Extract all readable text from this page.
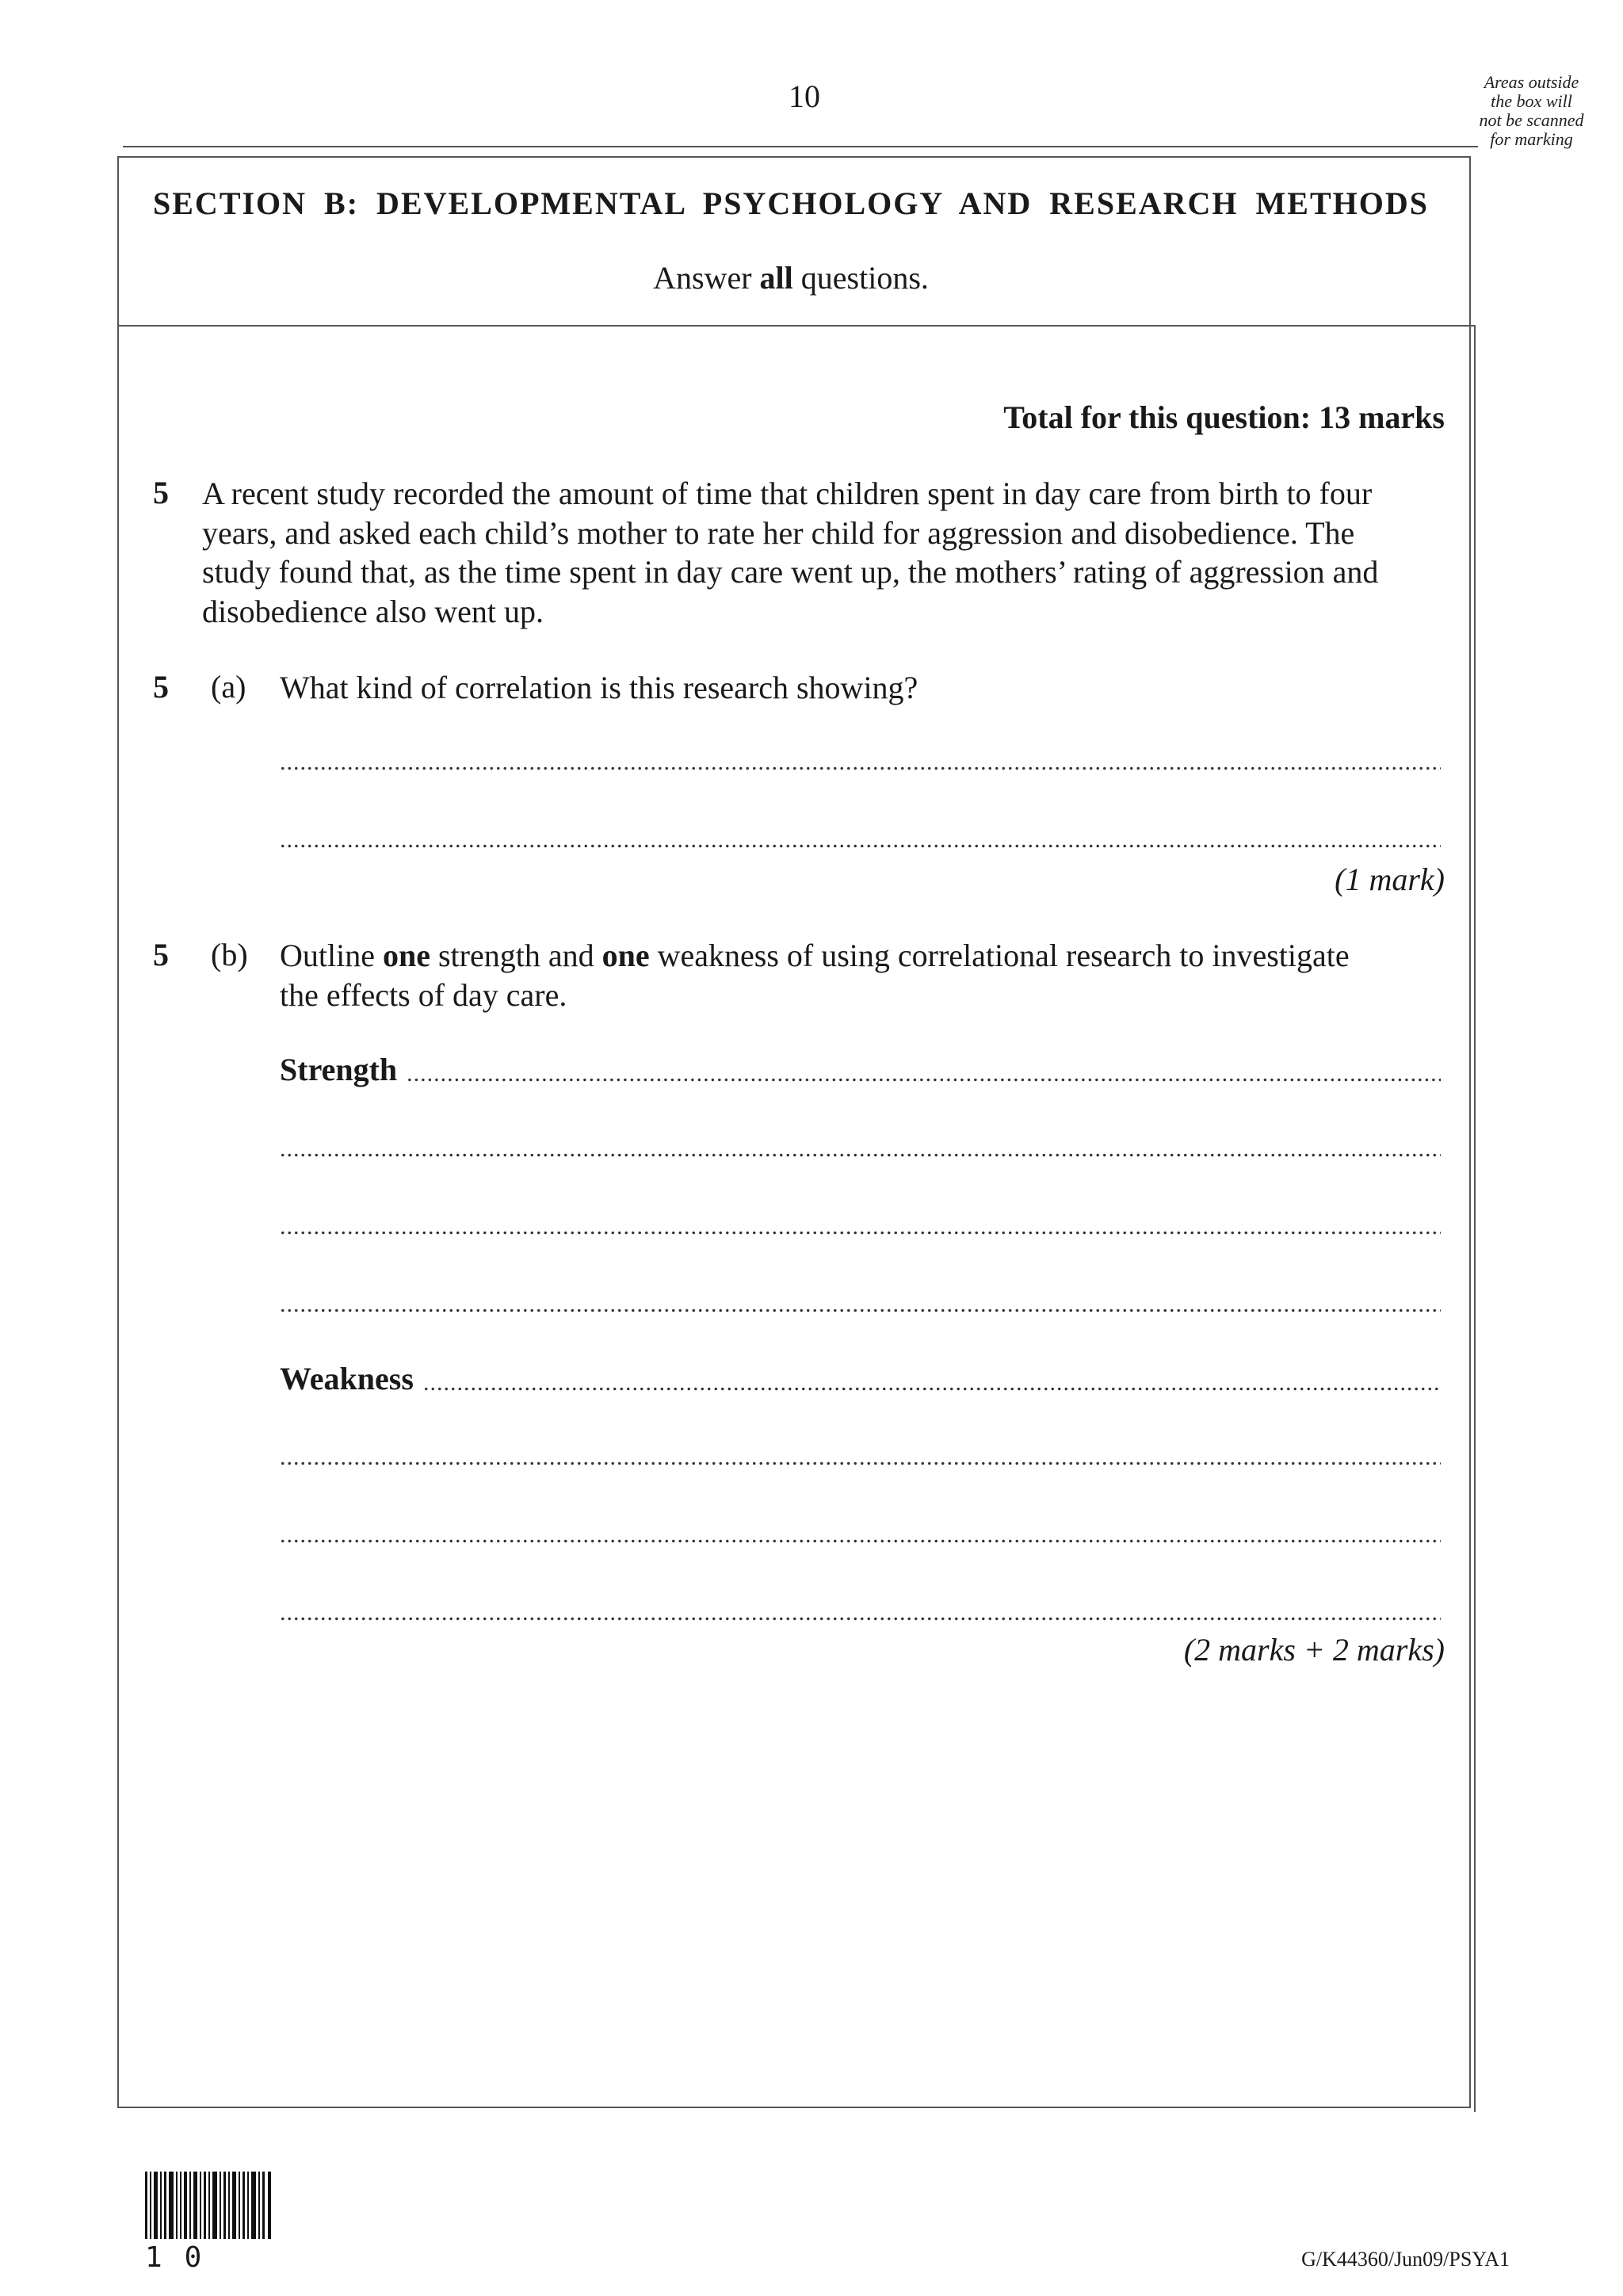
10	Areas outside
the box will
not be scanned
for marking
SECTION B: DEVELOPMENTAL PSYCHOLOGY AND RESEARCH METHODS
Answer all questions.
Total for this question: 13 marks
5 A recent study recorded the amount of time that children spent in day care from birth to four
years, and asked each child’s mother to rate her child for aggression and disobedience. The
study found that, as the time spent in day care went up, the mothers’ rating of aggression and
disobedience also went up.
5 (a) What kind of correlation is this research showing?
.....
.....
(1 mark)
5 (b) Outline one strength and one weakness of using correlational research to investigate
the effects of day care.
Strength
.....
.....
.....
.....
Weakness
.....
.....
.....
.....
(2 marks + 2 marks)
10	G/K44360/Jun09/PSYA1
